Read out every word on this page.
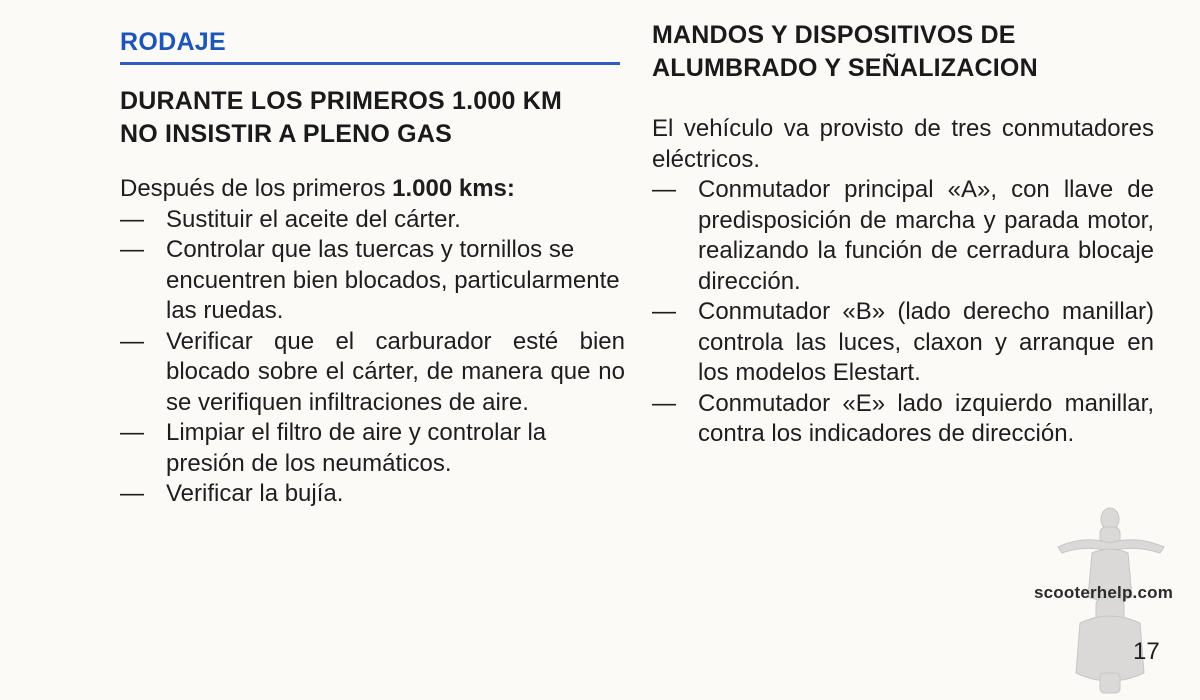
RODAJE
DURANTE LOS PRIMEROS 1.000 KM
NO INSISTIR A PLENO GAS

Después de los primeros 1.000 kms:

— Sustituir el aceite del cárter.
— Controlar que las tuercas y tornillos se encuentren bien blocados, particularmente las ruedas.
— Verificar que el carburador esté bien blocado sobre el cárter, de manera que no se verifiquen infiltraciones de aire.
— Limpiar el filtro de aire y controlar la presión de los neumáticos.
— Verificar la bujía.
MANDOS Y DISPOSITIVOS DE
ALUMBRADO Y SEÑALIZACION

El vehículo va provisto de tres conmutadores eléctricos.

— Conmutador principal «A», con llave de predisposición de marcha y parada motor, realizando la función de cerradura blocaje dirección.
— Conmutador «B» (lado derecho manillar) controla las luces, claxon y arranque en los modelos Elestart.
— Conmutador «E» lado izquierdo manillar, contra los indicadores de dirección.
scooterhelp.com
17
